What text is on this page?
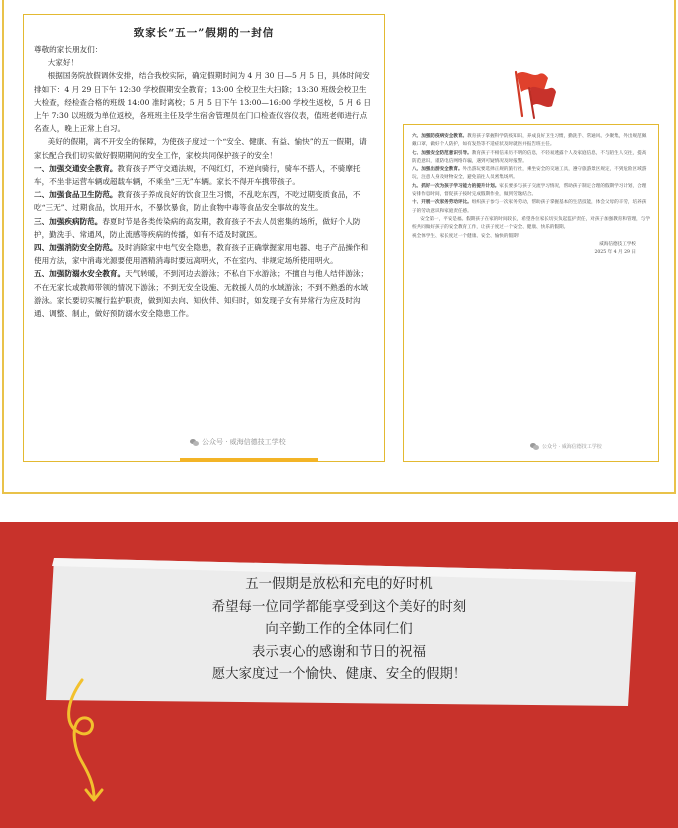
致家长“五一”假期的一封信

尊敬的家长朋友们：

大家好！

根据国务院放假调休安排，结合我校实际，确定假期时间为 4 月 30 日—5 月 5 日，具体时间安排如下：4 月 29 日下午 12:30 学校假期安全教育；13:00 全校卫生大扫除；13:30 班级会校卫生大检查，经检查合格的班级 14:00 准时离校；5 月 5 日下午 13:00—16:00 学校生返校，5 月 6 日上午 7:30 以班级为单位返校，各班班主任及学生宿舍管理员在门口检查仪容仪表，值班老师进行点名查人，晚上正常上自习。

美好的假期，离不开安全的保障，为使孩子度过一个“安全、健康、有益、愉快”的五一假期，请家长配合我们切实做好假期期间的安全工作，家校共同保护孩子的安全！

一、加强交通安全教育。教育孩子严守交通法规，不闯红灯，不逆向骑行，骑车不搭人，不骑摩托车，不坐非运营车辆或超载车辆，不乘坐“三无”车辆。家长不得开车携带孩子。

二、加强食品卫生防范。教育孩子养成良好的饮食卫生习惯，不乱吃东西，不吃过期变质食品，不吃“三无”、过期食品，饮用开水，不暴饮暴食，防止食物中毒等食品安全事故的发生。

三、加强疾病防范。春夏时节是各类传染病的高发期，教育孩子不去人员密集的场所，做好个人防护，勤洗手、常通风，防止流感等疾病的传播，如有不适及时就医。

四、加强消防安全防范。及时消除家中电气安全隐患，教育孩子正确掌握家用电器、电子产品操作和使用方法，家中消毒光源要使用酒精消毒时要远离明火，不在室内、非规定场所使用明火。

五、加强防溺水安全教育。天气转暖，不到河边去游泳；不私自下水游泳；不擅自与他人结伴游泳；不在无家长或教师带领的情况下游泳；不到无安全设施、无救援人员的水域游泳；不到不熟悉的水域游泳。家长要切实履行监护职责，做到知去向、知伙伴、知归时，如发现子女有异常行为应及时沟通、调整、制止，做好预防溺水安全隐患工作。

公众号 · 威海信德技工学校

六、加强防疫病安全教育。教育孩子掌握科学防疫知识，养成良好卫生习惯，勤洗手、常通风、少聚集，外出规范佩戴口罩，做好个人防护，如有发热等不适症状及时就医并报告班主任。

七、加强安全防范意识引导。教育孩子不相信来历不明的信息，不轻易透露个人及家庭信息，不与陌生人交往，提高防范意识，谨防电信网络诈骗，遇到可疑情况及时报警。

八、加强出游安全教育。外出游玩要选择正规的旅行社，乘坐安全的交通工具，遵守旅游景区规定，不到危险区域游玩，注意人身及财物安全，避免前往人员密集场所。

九、抓好一次为孩子学习能力的提升计划。家长要多与孩子交流学习情况，帮助孩子制定合理的假期学习计划，合理安排作息时间，督促孩子按时完成假期作业，做到劳逸结合。

十、开展一次家务劳动评比。组织孩子参与一次家务劳动，帮助孩子掌握基本的生活技能，体会父母的辛劳，培养孩子的劳动意识和家庭责任感。

安全第一，平安是福。假期孩子在家的时间较长，希望各位家长切实负起监护责任，对孩子加强教育和管理，与学校共同做好孩子的安全教育工作，让孩子度过一个安全、健康、快乐的假期。

祝全体学生、家长度过一个健康、安全、愉快的假期！

威海信德技工学校

2025 年 4 月 29 日

公众号 · 威海信德技工学校
五一假期是放松和充电的好时机
希望每一位同学都能享受到这个美好的时刻
向辛勤工作的全体同仁们
表示衷心的感谢和节日的祝福
愿大家度过一个愉快、健康、安全的假期！
